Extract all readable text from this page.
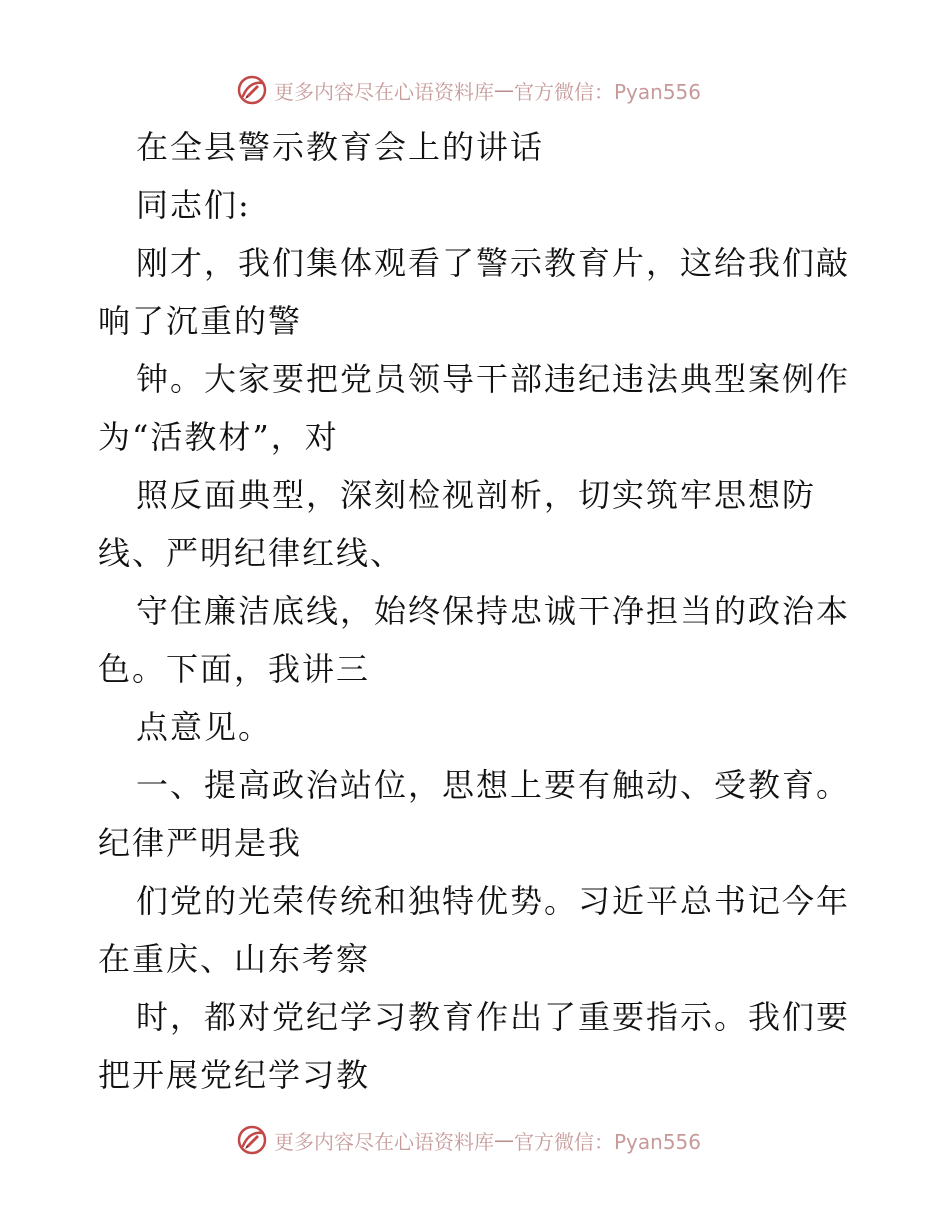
更多内容尽在心语资料库 — 官方微信：Pyan556
在全县警示教育会上的讲话
同志们:
刚才，我们集体观看了警示教育片，这给我们敲
响了沉重的警
钟。大家要把党员领导干部违纪违法典型案例作
为“活教材”，对
照反面典型，深刻检视剖析，切实筑牢思想防
线、严明纪律红线、
守住廉洁底线，始终保持忠诚干净担当的政治本
色。下面，我讲三
点意见。
一、提高政治站位，思想上要有触动、受教育。
纪律严明是我
们党的光荣传统和独特优势。习近平总书记今年
在重庆、山东考察
时，都对党纪学习教育作出了重要指示。我们要
把开展党纪学习教
更多内容尽在心语资料库 — 官方微信：Pyan556
